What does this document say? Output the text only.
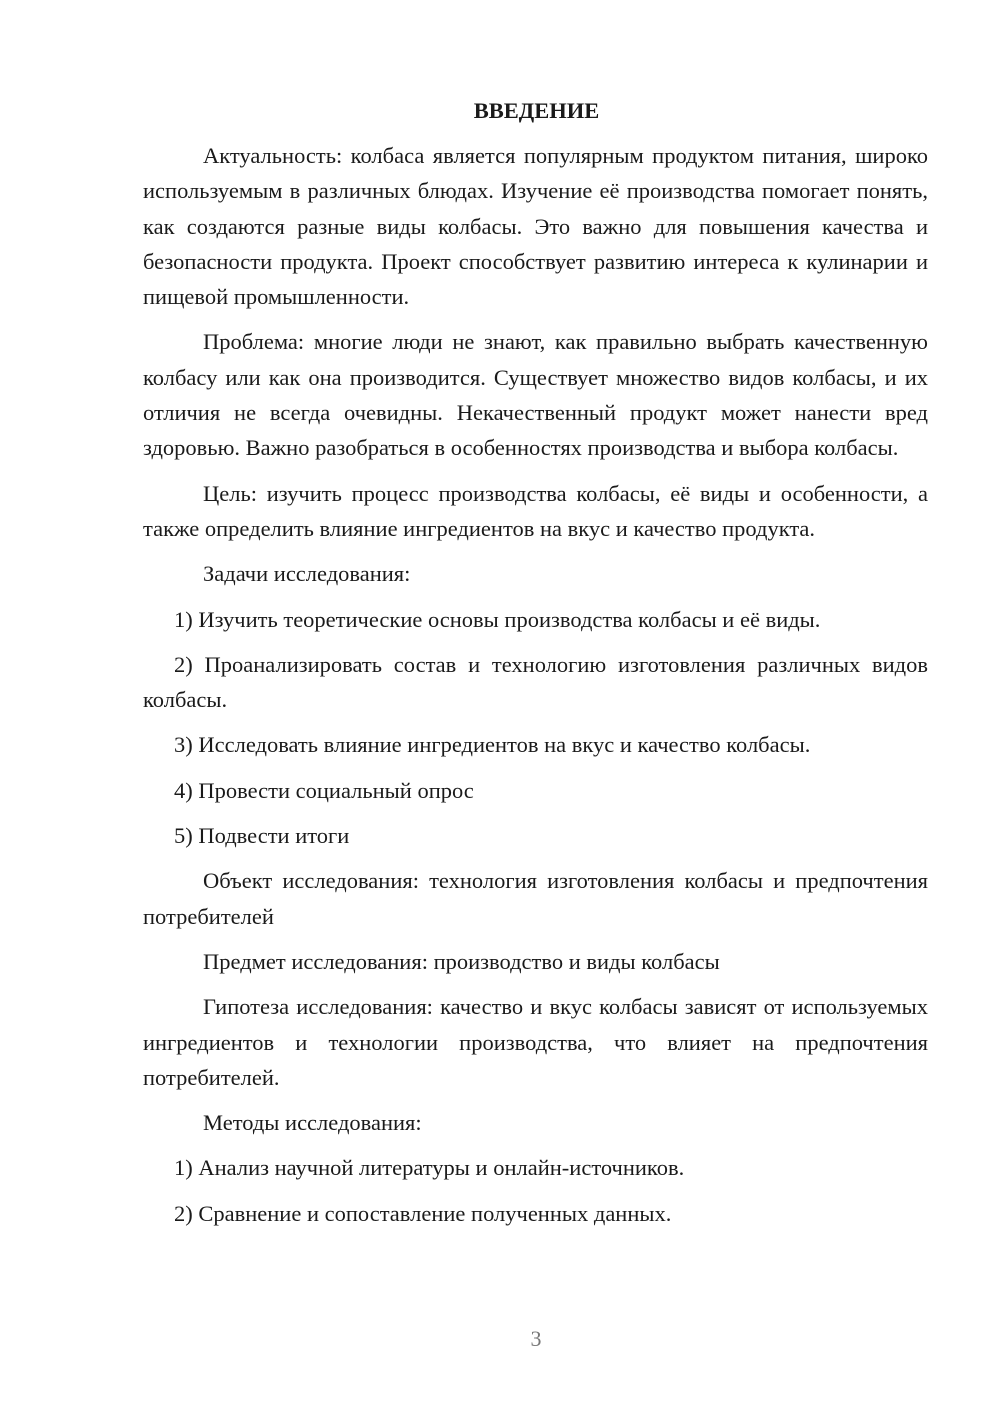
ВВЕДЕНИЕ

Актуальность: колбаса является популярным продуктом питания, широко используемым в различных блюдах. Изучение её производства помогает понять, как создаются разные виды колбасы. Это важно для повышения качества и безопасности продукта. Проект способствует развитию интереса к кулинарии и пищевой промышленности.

Проблема: многие люди не знают, как правильно выбрать качественную колбасу или как она производится. Существует множество видов колбасы, и их отличия не всегда очевидны. Некачественный продукт может нанести вред здоровью. Важно разобраться в особенностях производства и выбора колбасы.

Цель: изучить процесс производства колбасы, её виды и особенности, а также определить влияние ингредиентов на вкус и качество продукта.

Задачи исследования:

1) Изучить теоретические основы производства колбасы и её виды.

2) Проанализировать состав и технологию изготовления различных видов колбасы.

3) Исследовать влияние ингредиентов на вкус и качество колбасы.

4) Провести социальный опрос

5) Подвести итоги

Объект исследования: технология изготовления колбасы и предпочтения потребителей

Предмет исследования: производство и виды колбасы

Гипотеза исследования: качество и вкус колбасы зависят от используемых ингредиентов и технологии производства, что влияет на предпочтения потребителей.

Методы исследования:

1) Анализ научной литературы и онлайн-источников.

2) Сравнение и сопоставление полученных данных.

3
